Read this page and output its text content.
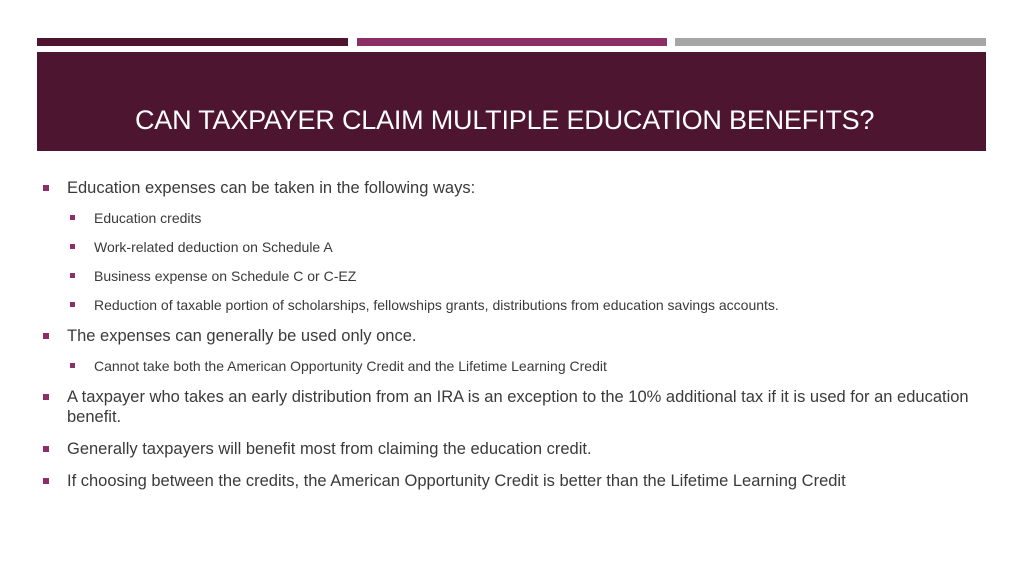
CAN TAXPAYER CLAIM MULTIPLE EDUCATION BENEFITS?
Education expenses can be taken in the following ways:
Education credits
Work-related deduction on Schedule A
Business expense on Schedule C or C-EZ
Reduction of taxable portion of scholarships, fellowships grants, distributions from education savings accounts.
The expenses can generally be used only once.
Cannot take both the American Opportunity Credit and the Lifetime Learning Credit
A taxpayer who takes an early distribution from an IRA is an exception to the 10% additional tax if it is used for an education benefit.
Generally taxpayers will benefit most from claiming the education credit.
If choosing between the credits, the American Opportunity Credit is better than the Lifetime Learning Credit
